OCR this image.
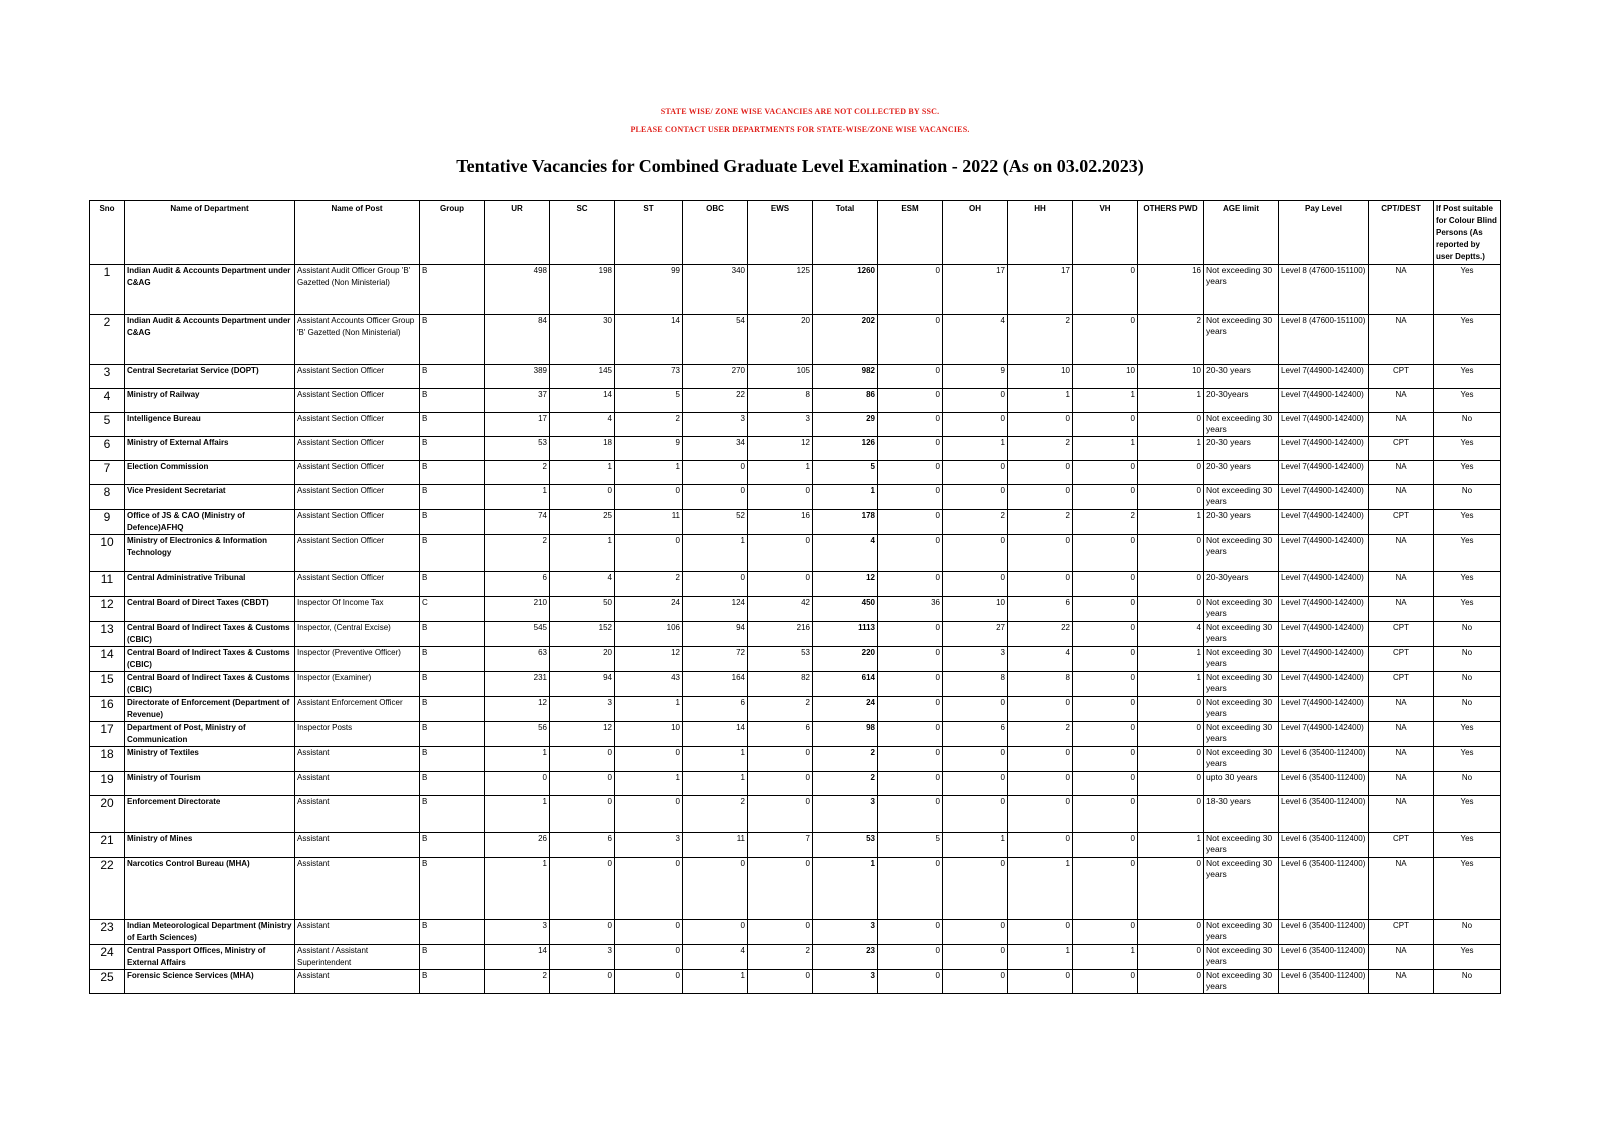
STATE WISE/ ZONE WISE VACANCIES ARE NOT COLLECTED BY SSC.
PLEASE CONTACT USER DEPARTMENTS FOR STATE-WISE/ZONE WISE VACANCIES.
Tentative Vacancies for Combined Graduate Level Examination - 2022 (As on 03.02.2023)
Sno	Name of Department	Name of Post	Group	UR	SC	ST	OBC	EWS	Total	ESM	OH	HH	VH	OTHERS PWD	AGE limit	Pay Level	CPT/DEST	If Post suitable for Colour Blind Persons (As reported by user Deptts.)
1	Indian Audit & Accounts Department under C&AG	Assistant Audit Officer Group 'B' Gazetted (Non Ministerial)	B	498	198	99	340	125	1260	0	17	17	0	16	Not exceeding 30 years	Level 8 (47600-151100)	NA	Yes
2	Indian Audit & Accounts Department under C&AG	Assistant Accounts Officer Group 'B' Gazetted (Non Ministerial)	B	84	30	14	54	20	202	0	4	2	0	2	Not exceeding 30 years	Level 8 (47600-151100)	NA	Yes
3	Central Secretariat Service (DOPT)	Assistant Section Officer	B	389	145	73	270	105	982	0	9	10	10	10	20-30 years	Level 7(44900-142400)	CPT	Yes
4	Ministry of Railway	Assistant Section Officer	B	37	14	5	22	8	86	0	0	1	1	1	20-30years	Level 7(44900-142400)	NA	Yes
5	Intelligence Bureau	Assistant Section Officer	B	17	4	2	3	3	29	0	0	0	0	0	Not exceeding 30 years	Level 7(44900-142400)	NA	No
6	Ministry of External Affairs	Assistant Section Officer	B	53	18	9	34	12	126	0	1	2	1	1	20-30 years	Level 7(44900-142400)	CPT	Yes
7	Election Commission	Assistant Section Officer	B	2	1	1	0	1	5	0	0	0	0	0	20-30 years	Level 7(44900-142400)	NA	Yes
8	Vice President Secretariat	Assistant Section Officer	B	1	0	0	0	0	1	0	0	0	0	0	Not exceeding 30 years	Level 7(44900-142400)	NA	No
9	Office of JS & CAO (Ministry of Defence)AFHQ	Assistant Section Officer	B	74	25	11	52	16	178	0	2	2	2	1	20-30 years	Level 7(44900-142400)	CPT	Yes
10	Ministry of Electronics & Information Technology	Assistant Section Officer	B	2	1	0	1	0	4	0	0	0	0	0	Not exceeding 30 years	Level 7(44900-142400)	NA	Yes
11	Central Administrative Tribunal	Assistant Section Officer	B	6	4	2	0	0	12	0	0	0	0	0	20-30years	Level 7(44900-142400)	NA	Yes
12	Central Board of Direct Taxes (CBDT)	Inspector Of Income Tax	C	210	50	24	124	42	450	36	10	6	0	0	Not exceeding 30 years	Level 7(44900-142400)	NA	Yes
13	Central Board of Indirect Taxes & Customs (CBIC)	Inspector, (Central Excise)	B	545	152	106	94	216	1113	0	27	22	0	4	Not exceeding 30 years	Level 7(44900-142400)	CPT	No
14	Central Board of Indirect Taxes & Customs (CBIC)	Inspector (Preventive Officer)	B	63	20	12	72	53	220	0	3	4	0	1	Not exceeding 30 years	Level 7(44900-142400)	CPT	No
15	Central Board of Indirect Taxes & Customs (CBIC)	Inspector (Examiner)	B	231	94	43	164	82	614	0	8	8	0	1	Not exceeding 30 years	Level 7(44900-142400)	CPT	No
16	Directorate of Enforcement (Department of Revenue)	Assistant Enforcement Officer	B	12	3	1	6	2	24	0	0	0	0	0	Not exceeding 30 years	Level 7(44900-142400)	NA	No
17	Department of Post, Ministry of Communication	Inspector Posts	B	56	12	10	14	6	98	0	6	2	0	0	Not exceeding 30 years	Level 7(44900-142400)	NA	Yes
18	Ministry of Textiles	Assistant	B	1	0	0	1	0	2	0	0	0	0	0	Not exceeding 30 years	Level 6 (35400-112400)	NA	Yes
19	Ministry of Tourism	Assistant	B	0	0	1	1	0	2	0	0	0	0	0	upto 30 years	Level 6 (35400-112400)	NA	No
20	Enforcement Directorate	Assistant	B	1	0	0	2	0	3	0	0	0	0	0	18-30 years	Level 6 (35400-112400)	NA	Yes
21	Ministry of Mines	Assistant	B	26	6	3	11	7	53	5	1	0	0	1	Not exceeding 30 years	Level 6 (35400-112400)	CPT	Yes
22	Narcotics Control Bureau (MHA)	Assistant	B	1	0	0	0	0	1	0	0	1	0	0	Not exceeding 30 years	Level 6 (35400-112400)	NA	Yes
23	Indian Meteorological Department (Ministry of Earth Sciences)	Assistant	B	3	0	0	0	0	3	0	0	0	0	0	Not exceeding 30 years	Level 6 (35400-112400)	CPT	No
24	Central Passport Offices, Ministry of External Affairs	Assistant / Assistant Superintendent	B	14	3	0	4	2	23	0	0	1	1	0	Not exceeding 30 years	Level 6 (35400-112400)	NA	Yes
25	Forensic Science Services (MHA)	Assistant	B	2	0	0	1	0	3	0	0	0	0	0	Not exceeding 30 years	Level 6 (35400-112400)	NA	No
